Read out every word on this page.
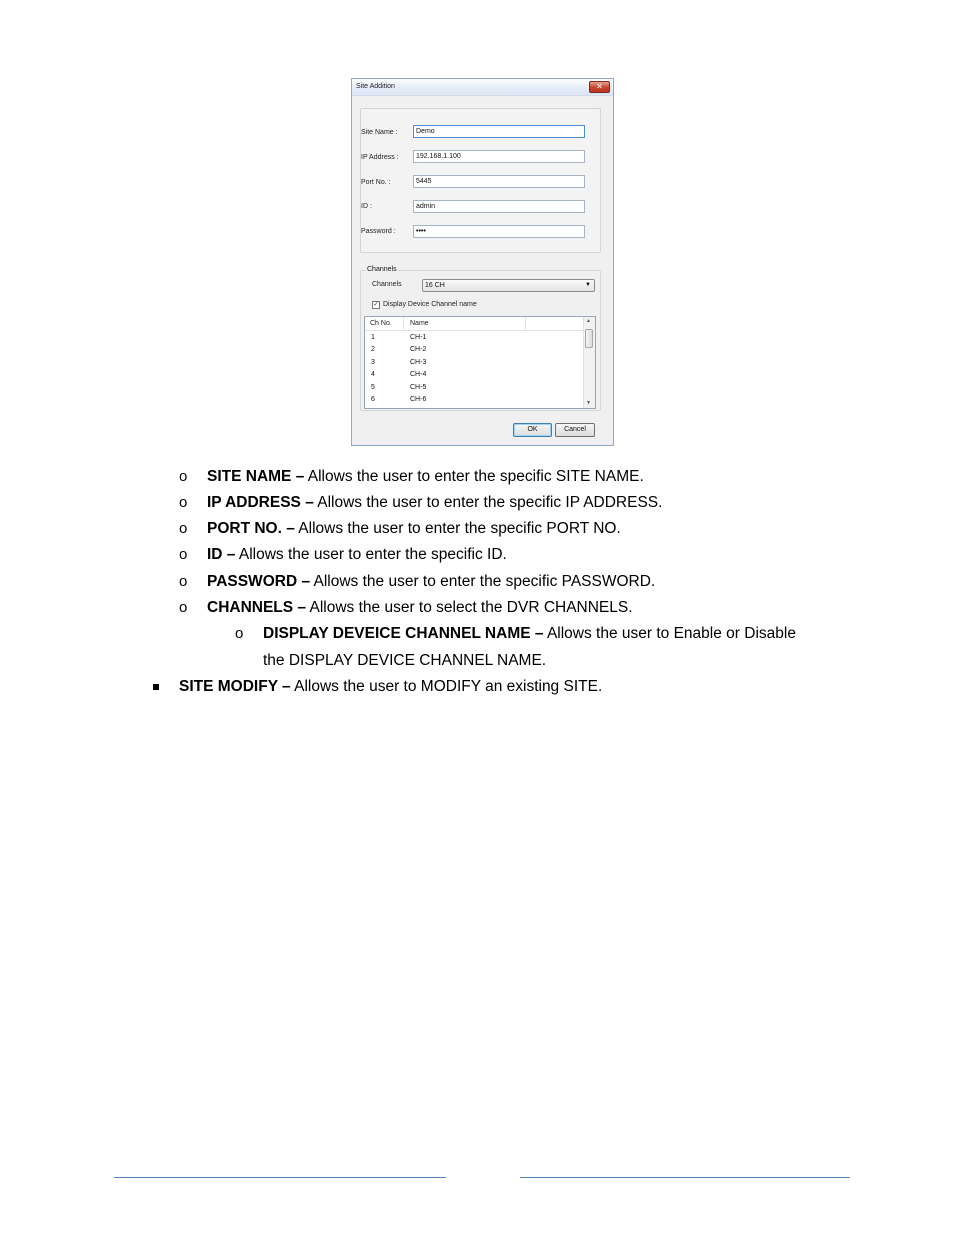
Site Addition	✕
Site Name :	Demo
IP Address :	192.168.1.100
Port No. :	5445
ID :	admin
Password :	••••
Channels
Channels	16 CH	▼
✓ Display Device Channel name
Ch No.	Name
1	CH-1
2	CH-2
3	CH-3
4	CH-4
5	CH-5
6	CH-6
▲
▼
OK	Cancel
o SITE NAME – Allows the user to enter the specific SITE NAME.
o IP ADDRESS – Allows the user to enter the specific IP ADDRESS.
o PORT NO. – Allows the user to enter the specific PORT NO.
o ID – Allows the user to enter the specific ID.
o PASSWORD – Allows the user to enter the specific PASSWORD.
o CHANNELS – Allows the user to select the DVR CHANNELS.
o DISPLAY DEVEICE CHANNEL NAME – Allows the user to Enable or Disable
the DISPLAY DEVICE CHANNEL NAME.
SITE MODIFY – Allows the user to MODIFY an existing SITE.
